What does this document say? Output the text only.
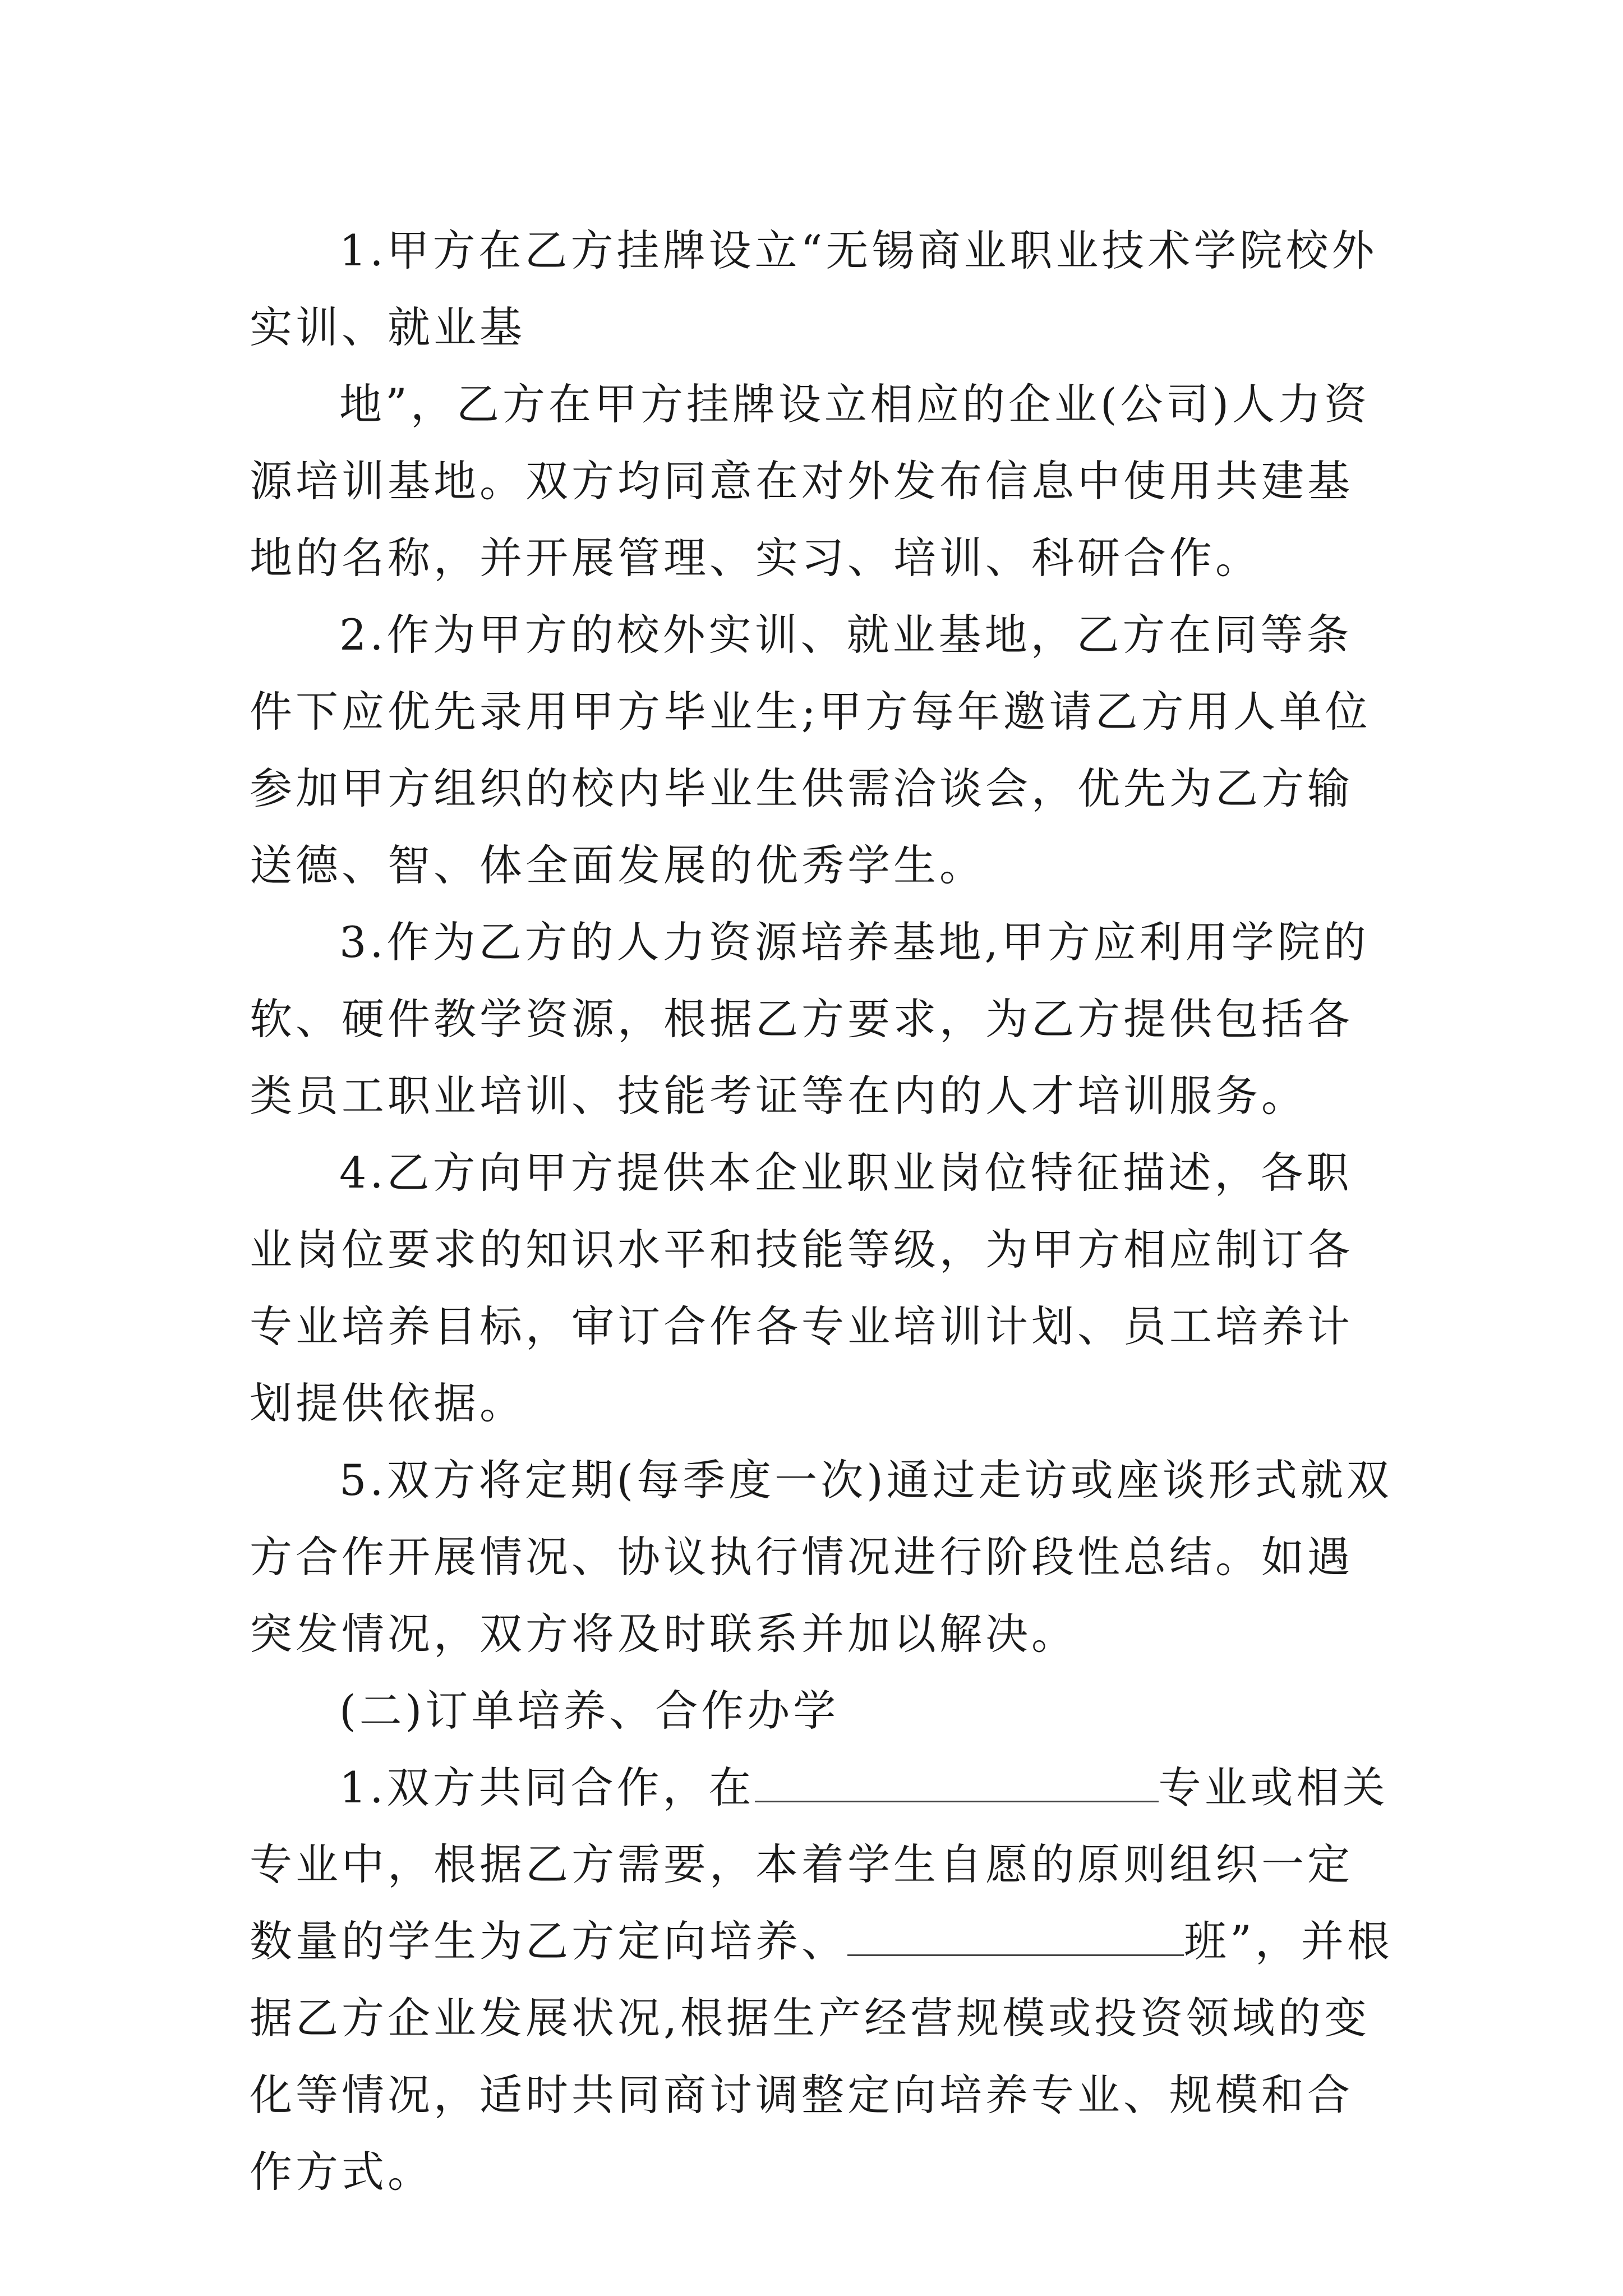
1.甲方在乙方挂牌设立“无锡商业职业技术学院校外实训、就业基

地”，乙方在甲方挂牌设立相应的企业(公司)人力资源培训基地。双方均同意在对外发布信息中使用共建基地的名称，并开展管理、实习、培训、科研合作。

2.作为甲方的校外实训、就业基地，乙方在同等条件下应优先录用甲方毕业生;甲方每年邀请乙方用人单位参加甲方组织的校内毕业生供需洽谈会，优先为乙方输送德、智、体全面发展的优秀学生。

3.作为乙方的人力资源培养基地,甲方应利用学院的软、硬件教学资源，根据乙方要求，为乙方提供包括各类员工职业培训、技能考证等在内的人才培训服务。

4.乙方向甲方提供本企业职业岗位特征描述，各职业岗位要求的知识水平和技能等级，为甲方相应制订各专业培养目标，审订合作各专业培训计划、员工培养计划提供依据。

5.双方将定期(每季度一次)通过走访或座谈形式就双方合作开展情况、协议执行情况进行阶段性总结。如遇突发情况，双方将及时联系并加以解决。

(二)订单培养、合作办学

1.双方共同合作，在	专业或相关专业中，根据乙方需要，本着学生自愿的原则组织一定数量的学生为乙方定向培养、	班”，并根据乙方企业发展状况,根据生产经营规模或投资领域的变化等情况，适时共同商讨调整定向培养专业、规模和合作方式。
